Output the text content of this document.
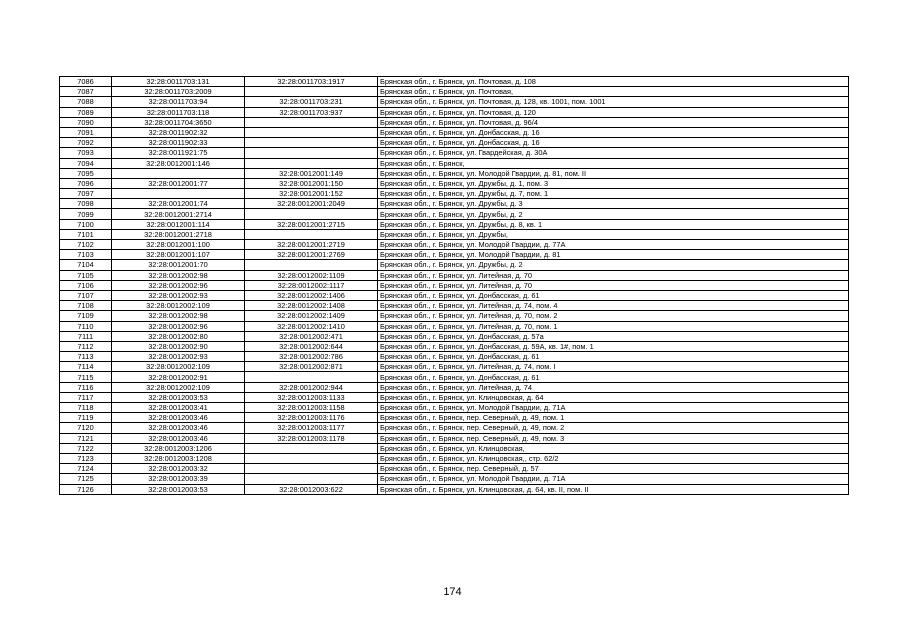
7086	32:28:0011703:131	32:28:0011703:1917	Брянская обл., г. Брянск, ул. Почтовая, д. 108
7087	32:28:0011703:2009		Брянская обл., г. Брянск, ул. Почтовая,
7088	32:28:0011703:94	32:28:0011703:231	Брянская обл., г. Брянск, ул. Почтовая, д. 128, кв. 1001, пом. 1001
7089	32:28:0011703:118	32:28:0011703:937	Брянская обл., г. Брянск, ул. Почтовая, д. 120
7090	32:28:0011704:3650		Брянская обл., г. Брянск, ул. Почтовая, д. 96/4
7091	32:28:0011902:32		Брянская обл., г. Брянск, ул. Донбасская, д. 16
7092	32:28:0011902:33		Брянская обл., г. Брянск, ул. Донбасская, д. 16
7093	32:28:0011921:75		Брянская обл., г. Брянск, ул. Гвардейская, д. 30А
7094	32:28:0012001:146		Брянская обл., г. Брянск,
7095		32:28:0012001:149	Брянская обл., г. Брянск, ул. Молодой Гвардии, д. 81, пом. II
7096	32:28:0012001:77	32:28:0012001:150	Брянская обл., г. Брянск, ул. Дружбы, д. 1, пом. 3
7097		32:28:0012001:152	Брянская обл., г. Брянск, ул. Дружбы, д. 7, пом. 1
7098	32:28:0012001:74	32:28:0012001:2049	Брянская обл., г. Брянск, ул. Дружбы, д. 3
7099	32:28:0012001:2714		Брянская обл., г. Брянск, ул. Дружбы, д. 2
7100	32:28:0012001:114	32:28:0012001:2715	Брянская обл., г. Брянск, ул. Дружбы, д. 8, кв. 1
7101	32:28:0012001:2718		Брянская обл., г. Брянск, ул. Дружбы,
7102	32:28:0012001:100	32:28:0012001:2719	Брянская обл., г. Брянск, ул. Молодой Гвардии, д. 77А
7103	32:28:0012001:107	32:28:0012001:2769	Брянская обл., г. Брянск, ул. Молодой Гвардии, д. 81
7104	32:28:0012001:70		Брянская обл., г. Брянск, ул. Дружбы, д. 2
7105	32:28:0012002:98	32:28:0012002:1109	Брянская обл., г. Брянск, ул. Литейная, д. 70
7106	32:28:0012002:96	32:28:0012002:1117	Брянская обл., г. Брянск, ул. Литейная, д. 70
7107	32:28:0012002:93	32:28:0012002:1406	Брянская обл., г. Брянск, ул. Донбасская, д. 61
7108	32:28:0012002:109	32:28:0012002:1408	Брянская обл., г. Брянск, ул. Литейная, д. 74, пом. 4
7109	32:28:0012002:98	32:28:0012002:1409	Брянская обл., г. Брянск, ул. Литейная, д. 70, пом. 2
7110	32:28:0012002:96	32:28:0012002:1410	Брянская обл., г. Брянск, ул. Литейная, д. 70, пом. 1
7111	32:28:0012002:80	32:28:0012002:471	Брянская обл., г. Брянск, ул. Донбасская, д. 57а
7112	32:28:0012002:90	32:28:0012002:644	Брянская обл., г. Брянск, ул. Донбасская, д. 59А, кв. 1#, пом. 1
7113	32:28:0012002:93	32:28:0012002:786	Брянская обл., г. Брянск, ул. Донбасская, д. 61
7114	32:28:0012002:109	32:28:0012002:871	Брянская обл., г. Брянск, ул. Литейная, д. 74, пом. I
7115	32:28:0012002:91		Брянская обл., г. Брянск, ул. Донбасская, д. 61
7116	32:28:0012002:109	32:28:0012002:944	Брянская обл., г. Брянск, ул. Литейная, д. 74
7117	32:28:0012003:53	32:28:0012003:1133	Брянская обл., г. Брянск, ул. Клинцовская, д. 64
7118	32:28:0012003:41	32:28:0012003:1158	Брянская обл., г. Брянск, ул. Молодой Гвардии, д. 71А
7119	32:28:0012003:46	32:28:0012003:1176	Брянская обл., г. Брянск, пер. Северный, д. 49, пом. 1
7120	32:28:0012003:46	32:28:0012003:1177	Брянская обл., г. Брянск, пер. Северный, д. 49, пом. 2
7121	32:28:0012003:46	32:28:0012003:1178	Брянская обл., г. Брянск, пер. Северный, д. 49, пом. 3
7122	32:28:0012003:1206		Брянская обл., г. Брянск, ул. Клинцовская,
7123	32:28:0012003:1208		Брянская обл., г. Брянск, ул. Клинцовская,, стр. 62/2
7124	32:28:0012003:32		Брянская обл., г. Брянск, пер. Северный, д. 57
7125	32:28:0012003:39		Брянская обл., г. Брянск, ул. Молодой Гвардии, д. 71А
7126	32:28:0012003:53	32:28:0012003:622	Брянская обл., г. Брянск, ул. Клинцовская, д. 64, кв. II, пом. II
174
